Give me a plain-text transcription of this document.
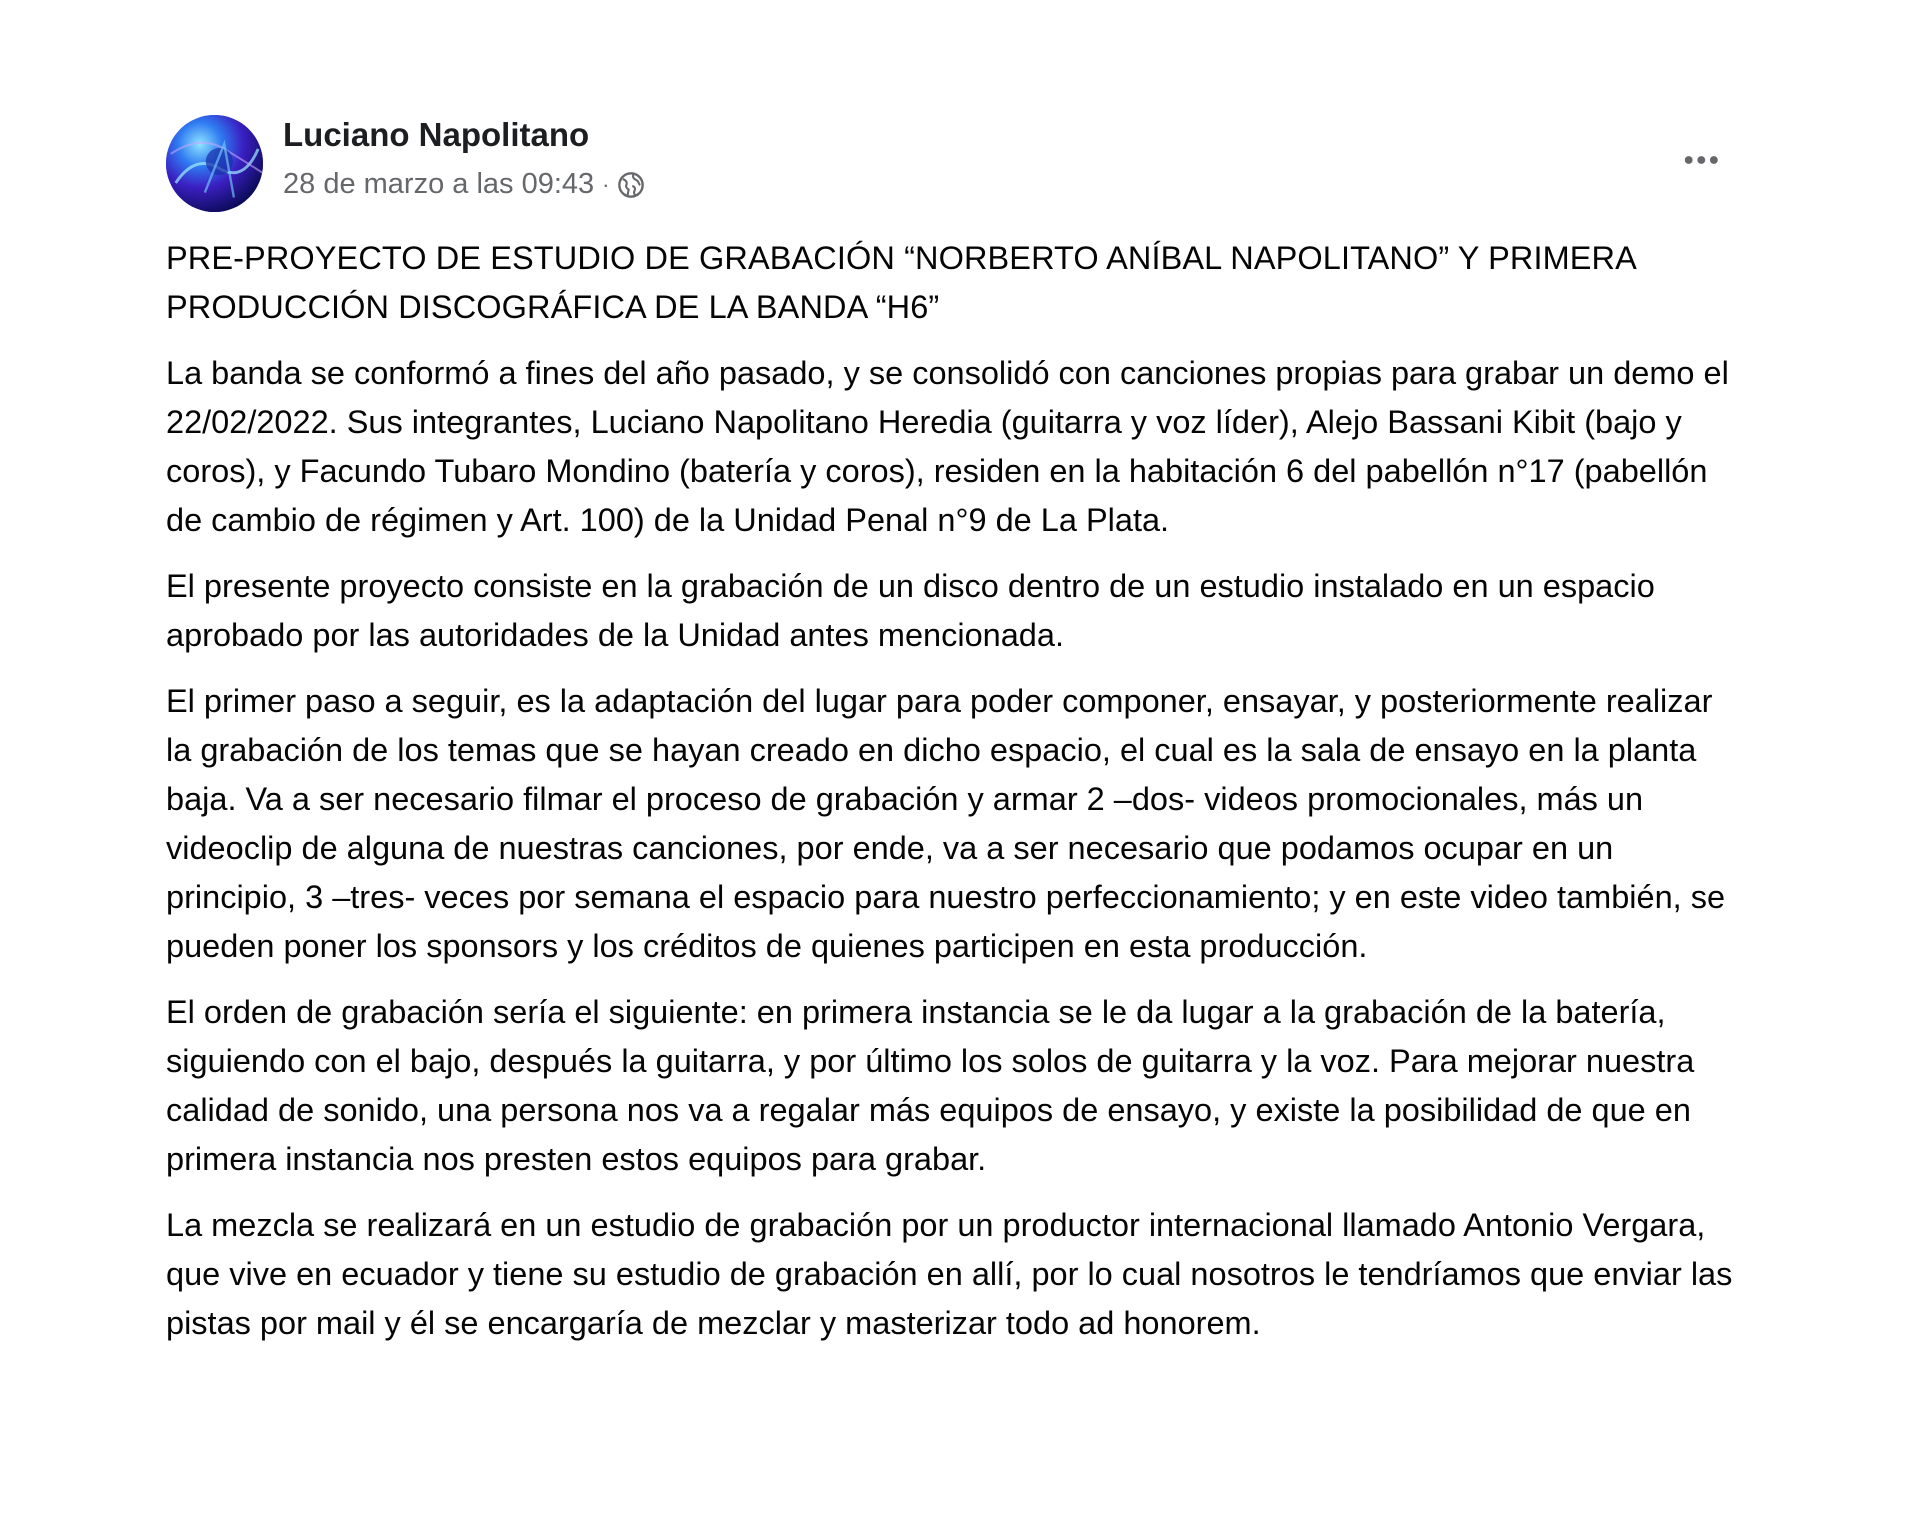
Luciano Napolitano
28 de marzo a las 09:43 ·
PRE-PROYECTO DE ESTUDIO DE GRABACIÓN “NORBERTO ANÍBAL NAPOLITANO” Y PRIMERA PRODUCCIÓN DISCOGRÁFICA DE LA BANDA “H6”
La banda se conformó a fines del año pasado, y se consolidó con canciones propias para grabar un demo el 22/02/2022. Sus integrantes, Luciano Napolitano Heredia (guitarra y voz líder), Alejo Bassani Kibit (bajo y coros), y Facundo Tubaro Mondino (batería y coros), residen en la habitación 6 del pabellón n°17 (pabellón de cambio de régimen y Art. 100) de la Unidad Penal n°9 de La Plata.
El presente proyecto consiste en la grabación de un disco dentro de un estudio instalado en un espacio aprobado por las autoridades de la Unidad antes mencionada.
El primer paso a seguir, es la adaptación del lugar para poder componer, ensayar, y posteriormente realizar la grabación de los temas que se hayan creado en dicho espacio, el cual es la sala de ensayo en la planta baja. Va a ser necesario filmar el proceso de grabación y armar 2 –dos- videos promocionales, más un videoclip de alguna de nuestras canciones, por ende, va a ser necesario que podamos ocupar en un principio, 3 –tres- veces por semana el espacio para nuestro perfeccionamiento; y en este video también, se pueden poner los sponsors y los créditos de quienes participen en esta producción.
El orden de grabación sería el siguiente: en primera instancia se le da lugar a la grabación de la batería, siguiendo con el bajo, después la guitarra, y por último los solos de guitarra y la voz. Para mejorar nuestra calidad de sonido, una persona nos va a regalar más equipos de ensayo, y existe la posibilidad de que en primera instancia nos presten estos equipos para grabar.
La mezcla se realizará en un estudio de grabación por un productor internacional llamado Antonio Vergara, que vive en ecuador y tiene su estudio de grabación en allí, por lo cual nosotros le tendríamos que enviar las pistas por mail y él se encargaría de mezclar y masterizar todo ad honorem.
